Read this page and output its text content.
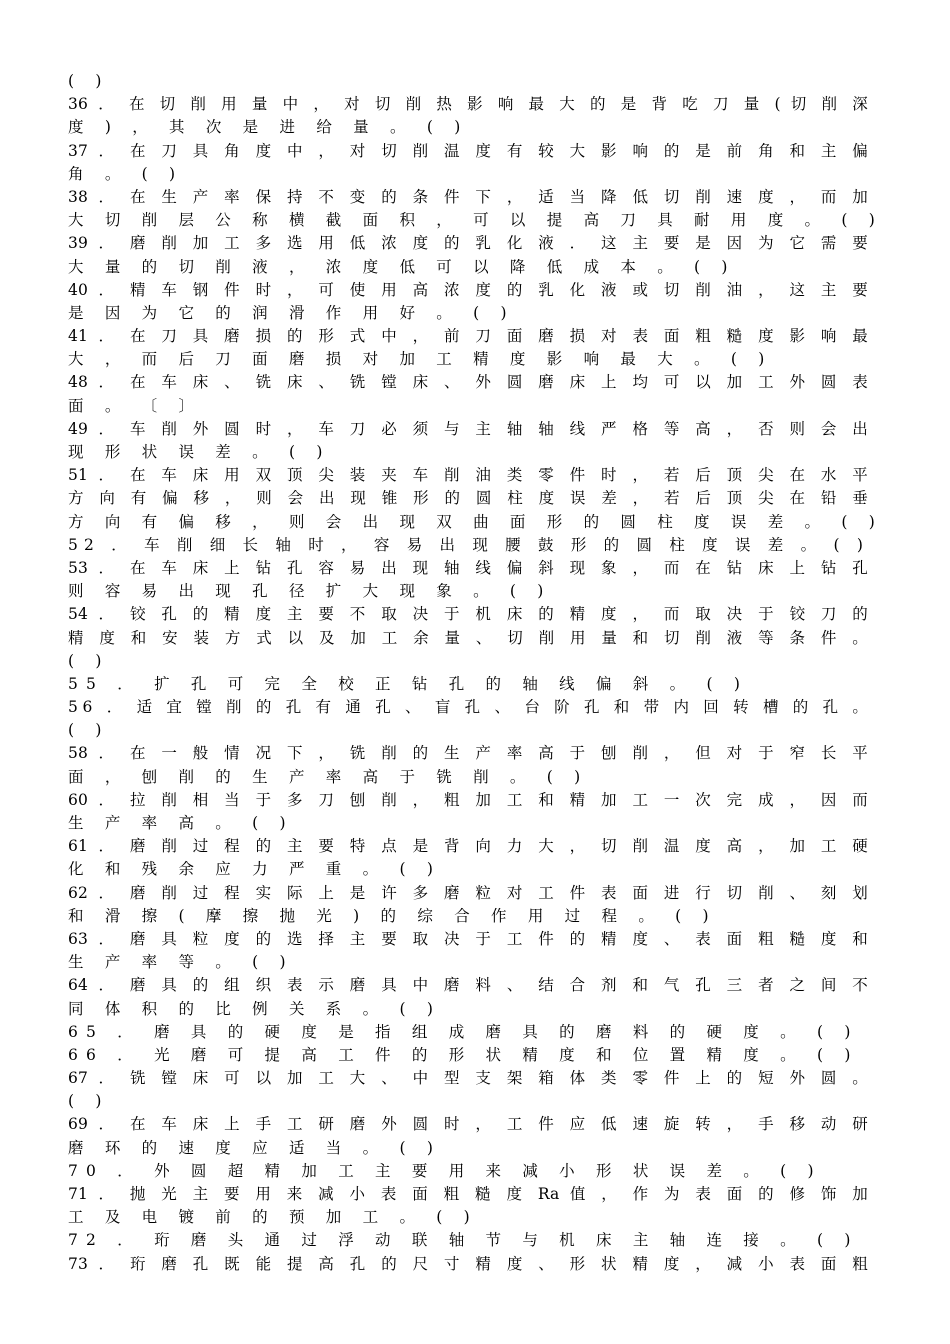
( )
36 ． 在 切 削 用 量 中 ， 对 切 削 热 影 响 最 大 的 是 背 吃 刀 量 ( 切 削 深
度 ) ， 其 次 是 进 给 量 。 ( )
37 ． 在 刀 具 角 度 中 ， 对 切 削 温 度 有 较 大 影 响 的 是 前 角 和 主 偏
角 。 ( )
38 ． 在 生 产 率 保 持 不 变 的 条 件 下 ， 适 当 降 低 切 削 速 度 ， 而 加
大 切 削 层 公 称 横 截 面 积 ， 可 以 提 高 刀 具 耐 用 度 。 ( )
39 ． 磨 削 加 工 多 选 用 低 浓 度 的 乳 化 液 ． 这 主 要 是 因 为 它 需 要
大 量 的 切 削 液 ， 浓 度 低 可 以 降 低 成 本 。 ( )
40 ． 精 车 钢 件 时 ， 可 使 用 高 浓 度 的 乳 化 液 或 切 削 油 ， 这 主 要
是 因 为 它 的 润 滑 作 用 好 。 ( )
41 ． 在 刀 具 磨 损 的 形 式 中 ， 前 刀 面 磨 损 对 表 面 粗 糙 度 影 响 最
大 ， 而 后 刀 面 磨 损 对 加 工 精 度 影 响 最 大 。 ( )
48 ． 在 车 床 、 铣 床 、 铣 镗 床 、 外 圆 磨 床 上 均 可 以 加 工 外 圆 表
面 。 〔 〕
49 ． 车 削 外 圆 时 ， 车 刀 必 须 与 主 轴 轴 线 严 格 等 高 ， 否 则 会 出
现 形 状 误 差 。 ( )
51 ． 在 车 床 用 双 顶 尖 装 夹 车 削 油 类 零 件 时 ， 若 后 顶 尖 在 水 平
方 向 有 偏 移 ， 则 会 出 现 锥 形 的 圆 柱 度 误 差 ， 若 后 顶 尖 在 铅 垂
方 向 有 偏 移 ， 则 会 出 现 双 曲 面 形 的 圆 柱 度 误 差 。 ( )
52 ． 车 削 细 长 轴 时 ， 容 易 出 现 腰 鼓 形 的 圆 柱 度 误 差 。 ( )
53 ． 在 车 床 上 钻 孔 容 易 出 现 轴 线 偏 斜 现 象 ， 而 在 钻 床 上 钻 孔
则 容 易 出 现 孔 径 扩 大 现 象 。 ( )
54 ． 铰 孔 的 精 度 主 要 不 取 决 于 机 床 的 精 度 ， 而 取 决 于 铰 刀 的
精 度 和 安 装 方 式 以 及 加 工 余 量 、 切 削 用 量 和 切 削 液 等 条 件 。
( )
55 ． 扩 孔 可 完 全 校 正 钻 孔 的 轴 线 偏 斜 。 ( )
56 ． 适 宜 镗 削 的 孔 有 通 孔 、 盲 孔 、 台 阶 孔 和 带 内 回 转 槽 的 孔 。
( )
58 ． 在 一 般 情 况 下 ， 铣 削 的 生 产 率 高 于 刨 削 ， 但 对 于 窄 长 平
面 ， 刨 削 的 生 产 率 高 于 铣 削 。 ( )
60 ． 拉 削 相 当 于 多 刀 刨 削 ， 粗 加 工 和 精 加 工 一 次 完 成 ， 因 而
生 产 率 高 。 ( )
61 ． 磨 削 过 程 的 主 要 特 点 是 背 向 力 大 ， 切 削 温 度 高 ， 加 工 硬
化 和 残 余 应 力 严 重 。 ( )
62 ． 磨 削 过 程 实 际 上 是 许 多 磨 粒 对 工 件 表 面 进 行 切 削 、 刻 划
和 滑 擦 ( 摩 擦 抛 光 ) 的 综 合 作 用 过 程 。 ( )
63 ． 磨 具 粒 度 的 选 择 主 要 取 决 于 工 件 的 精 度 、 表 面 粗 糙 度 和
生 产 率 等 。 ( )
64 ． 磨 具 的 组 织 表 示 磨 具 中 磨 料 、 结 合 剂 和 气 孔 三 者 之 间 不
同 体 积 的 比 例 关 系 。 ( )
65 ． 磨 具 的 硬 度 是 指 组 成 磨 具 的 磨 料 的 硬 度 。 ( )
66 ． 光 磨 可 提 高 工 件 的 形 状 精 度 和 位 置 精 度 。 ( )
67 ． 铣 镗 床 可 以 加 工 大 、 中 型 支 架 箱 体 类 零 件 上 的 短 外 圆 。
( )
69 ． 在 车 床 上 手 工 研 磨 外 圆 时 ， 工 件 应 低 速 旋 转 ， 手 移 动 研
磨 环 的 速 度 应 适 当 。 ( )
70 ． 外 圆 超 精 加 工 主 要 用 来 减 小 形 状 误 差 。 ( )
71 ． 抛 光 主 要 用 来 减 小 表 面 粗 糙 度 Ra 值 ， 作 为 表 面 的 修 饰 加
工 及 电 镀 前 的 预 加 工 。 ( )
72 ． 珩 磨 头 通 过 浮 动 联 轴 节 与 机 床 主 轴 连 接 。 ( )
73 ． 珩 磨 孔 既 能 提 高 孔 的 尺 寸 精 度 、 形 状 精 度 ， 减 小 表 面 粗
